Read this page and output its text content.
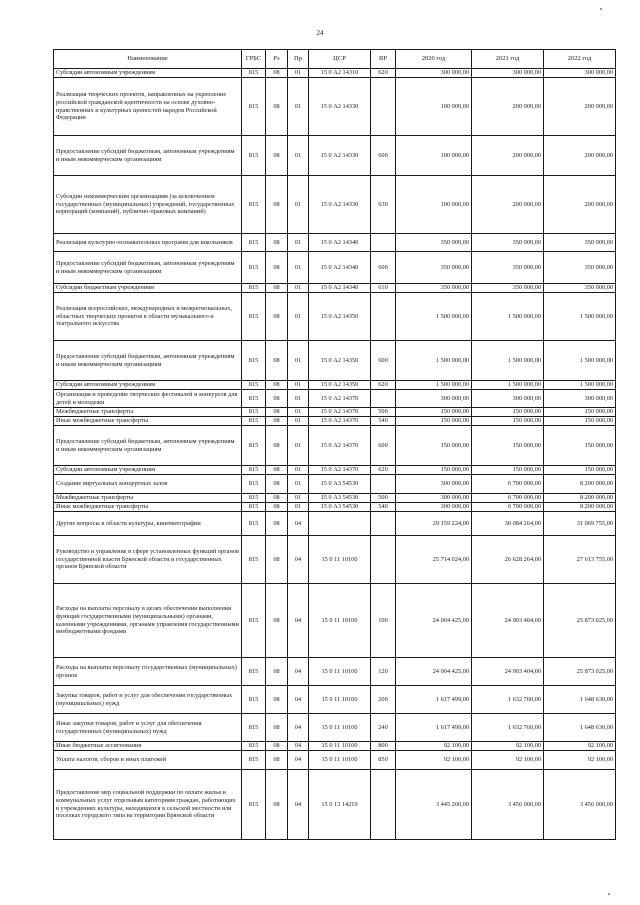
24
Наименование	ГРБС	Рз	Пр	ЦСР	ВР	2020 год	2021 год	2022 год
Субсидии автономным учреждениям	815	08	01	15 0 А2 14310	620	300 000,00	300 000,00	300 000,00
Реализация творческих проектов, направленных на укрепление российской гражданской идентичности на основе духовно-нравственных и культурных ценностей народов Российской Федерации	815	08	01	15 0 А2 14330		100 000,00	200 000,00	200 000,00
Предоставление субсидий бюджетным, автономным учреждениям и иным некоммерческим организациям	815	08	01	15 0 А2 14330	600	100 000,00	200 000,00	200 000,00
Субсидии некоммерческим организациям (за исключением государственных (муниципальных) учреждений, государственных корпораций (компаний), публично-правовых компаний)	815	08	01	15 0 А2 14330	630	100 000,00	200 000,00	200 000,00
Реализация культурно-познавательных программ для школьников	815	08	01	15 0 А2 14340		350 000,00	350 000,00	350 000,00
Предоставление субсидий бюджетным, автономным учреждениям и иным некоммерческим организациям	815	08	01	15 0 А2 14340	600	350 000,00	350 000,00	350 000,00
Субсидии бюджетным учреждениям	815	08	01	15 0 А2 14340	610	350 000,00	350 000,00	350 000,00
Реализация всероссийских, международных и межрегиональных, областных творческих проектов в области музыкального и театрального искусства	815	08	01	15 0 А2 14350		1 500 000,00	1 500 000,00	1 500 000,00
Предоставление субсидий бюджетным, автономным учреждениям и иным некоммерческим организациям	815	08	01	15 0 А2 14350	600	1 500 000,00	1 500 000,00	1 500 000,00
Субсидии автономным учреждениям	815	08	01	15 0 А2 14350	620	1 500 000,00	1 500 000,00	1 500 000,00
Организация и проведение творческих фестивалей и конкурсов для детей и молодежи	815	08	01	15 0 А2 14370		300 000,00	300 000,00	300 000,00
Межбюджетные трансферты	815	08	01	15 0 А2 14370	500	150 000,00	150 000,00	150 000,00
Иные межбюджетные трансферты	815	08	01	15 0 А2 14370	540	150 000,00	150 000,00	150 000,00
Предоставление субсидий бюджетным, автономным учреждениям и иным некоммерческим организациям	815	08	01	15 0 А2 14370	600	150 000,00	150 000,00	150 000,00
Субсидии автономным учреждениям	815	08	01	15 0 А2 14370	620	150 000,00	150 000,00	150 000,00
Создание виртуальных концертных залов	815	08	01	15 0 А3 54530		300 000,00	6 700 000,00	8 200 000,00
Межбюджетные трансферты	815	08	01	15 0 А3 54530	500	300 000,00	6 700 000,00	8 200 000,00
Иные межбюджетные трансферты	815	08	01	15 0 А3 54530	540	300 000,00	6 700 000,00	8 200 000,00
Другие вопросы в области культуры, кинематографии	815	08	04			29 159 224,00	30 084 264,00	31 069 755,00
Руководство и управление в сфере установленных функций органов государственной власти Брянской области и государственных органов Брянской области	815	08	04	15 0 11 10100		25 714 024,00	26 628 264,00	27 613 755,00
Расходы на выплаты персоналу в целях обеспечения выполнения функций государственными (муниципальными) органами, казенными учреждениями, органами управления государственными внебюджетными фондами	815	08	04	15 0 11 10100	100	24 004 425,00	24 903 404,00	25 873 025,00
Расходы на выплаты персоналу государственных (муниципальных) органов	815	08	04	15 0 11 10100	120	24 004 425,00	24 903 404,00	25 873 025,00
Закупка товаров, работ и услуг для обеспечения государственных (муниципальных) нужд	815	08	04	15 0 11 10100	200	1 617 499,00	1 632 760,00	1 648 630,00
Иные закупки товаров, работ и услуг для обеспечения государственных (муниципальных) нужд	815	08	04	15 0 11 10100	240	1 617 499,00	1 632 760,00	1 648 630,00
Иные бюджетные ассигнования	815	08	04	15 0 11 10100	800	92 100,00	92 100,00	92 100,00
Уплата налогов, сборов и иных платежей	815	08	04	15 0 11 10100	850	92 100,00	92 100,00	92 100,00
Предоставление мер социальной поддержки по оплате жилья и коммунальных услуг отдельным категориям граждан, работающих в учреждениях культуры, находящихся в сельской местности или поселках городского типа на территории Брянской области	815	08	04	15 0 13 14210		3 445 200,00	3 456 000,00	3 456 000,00
